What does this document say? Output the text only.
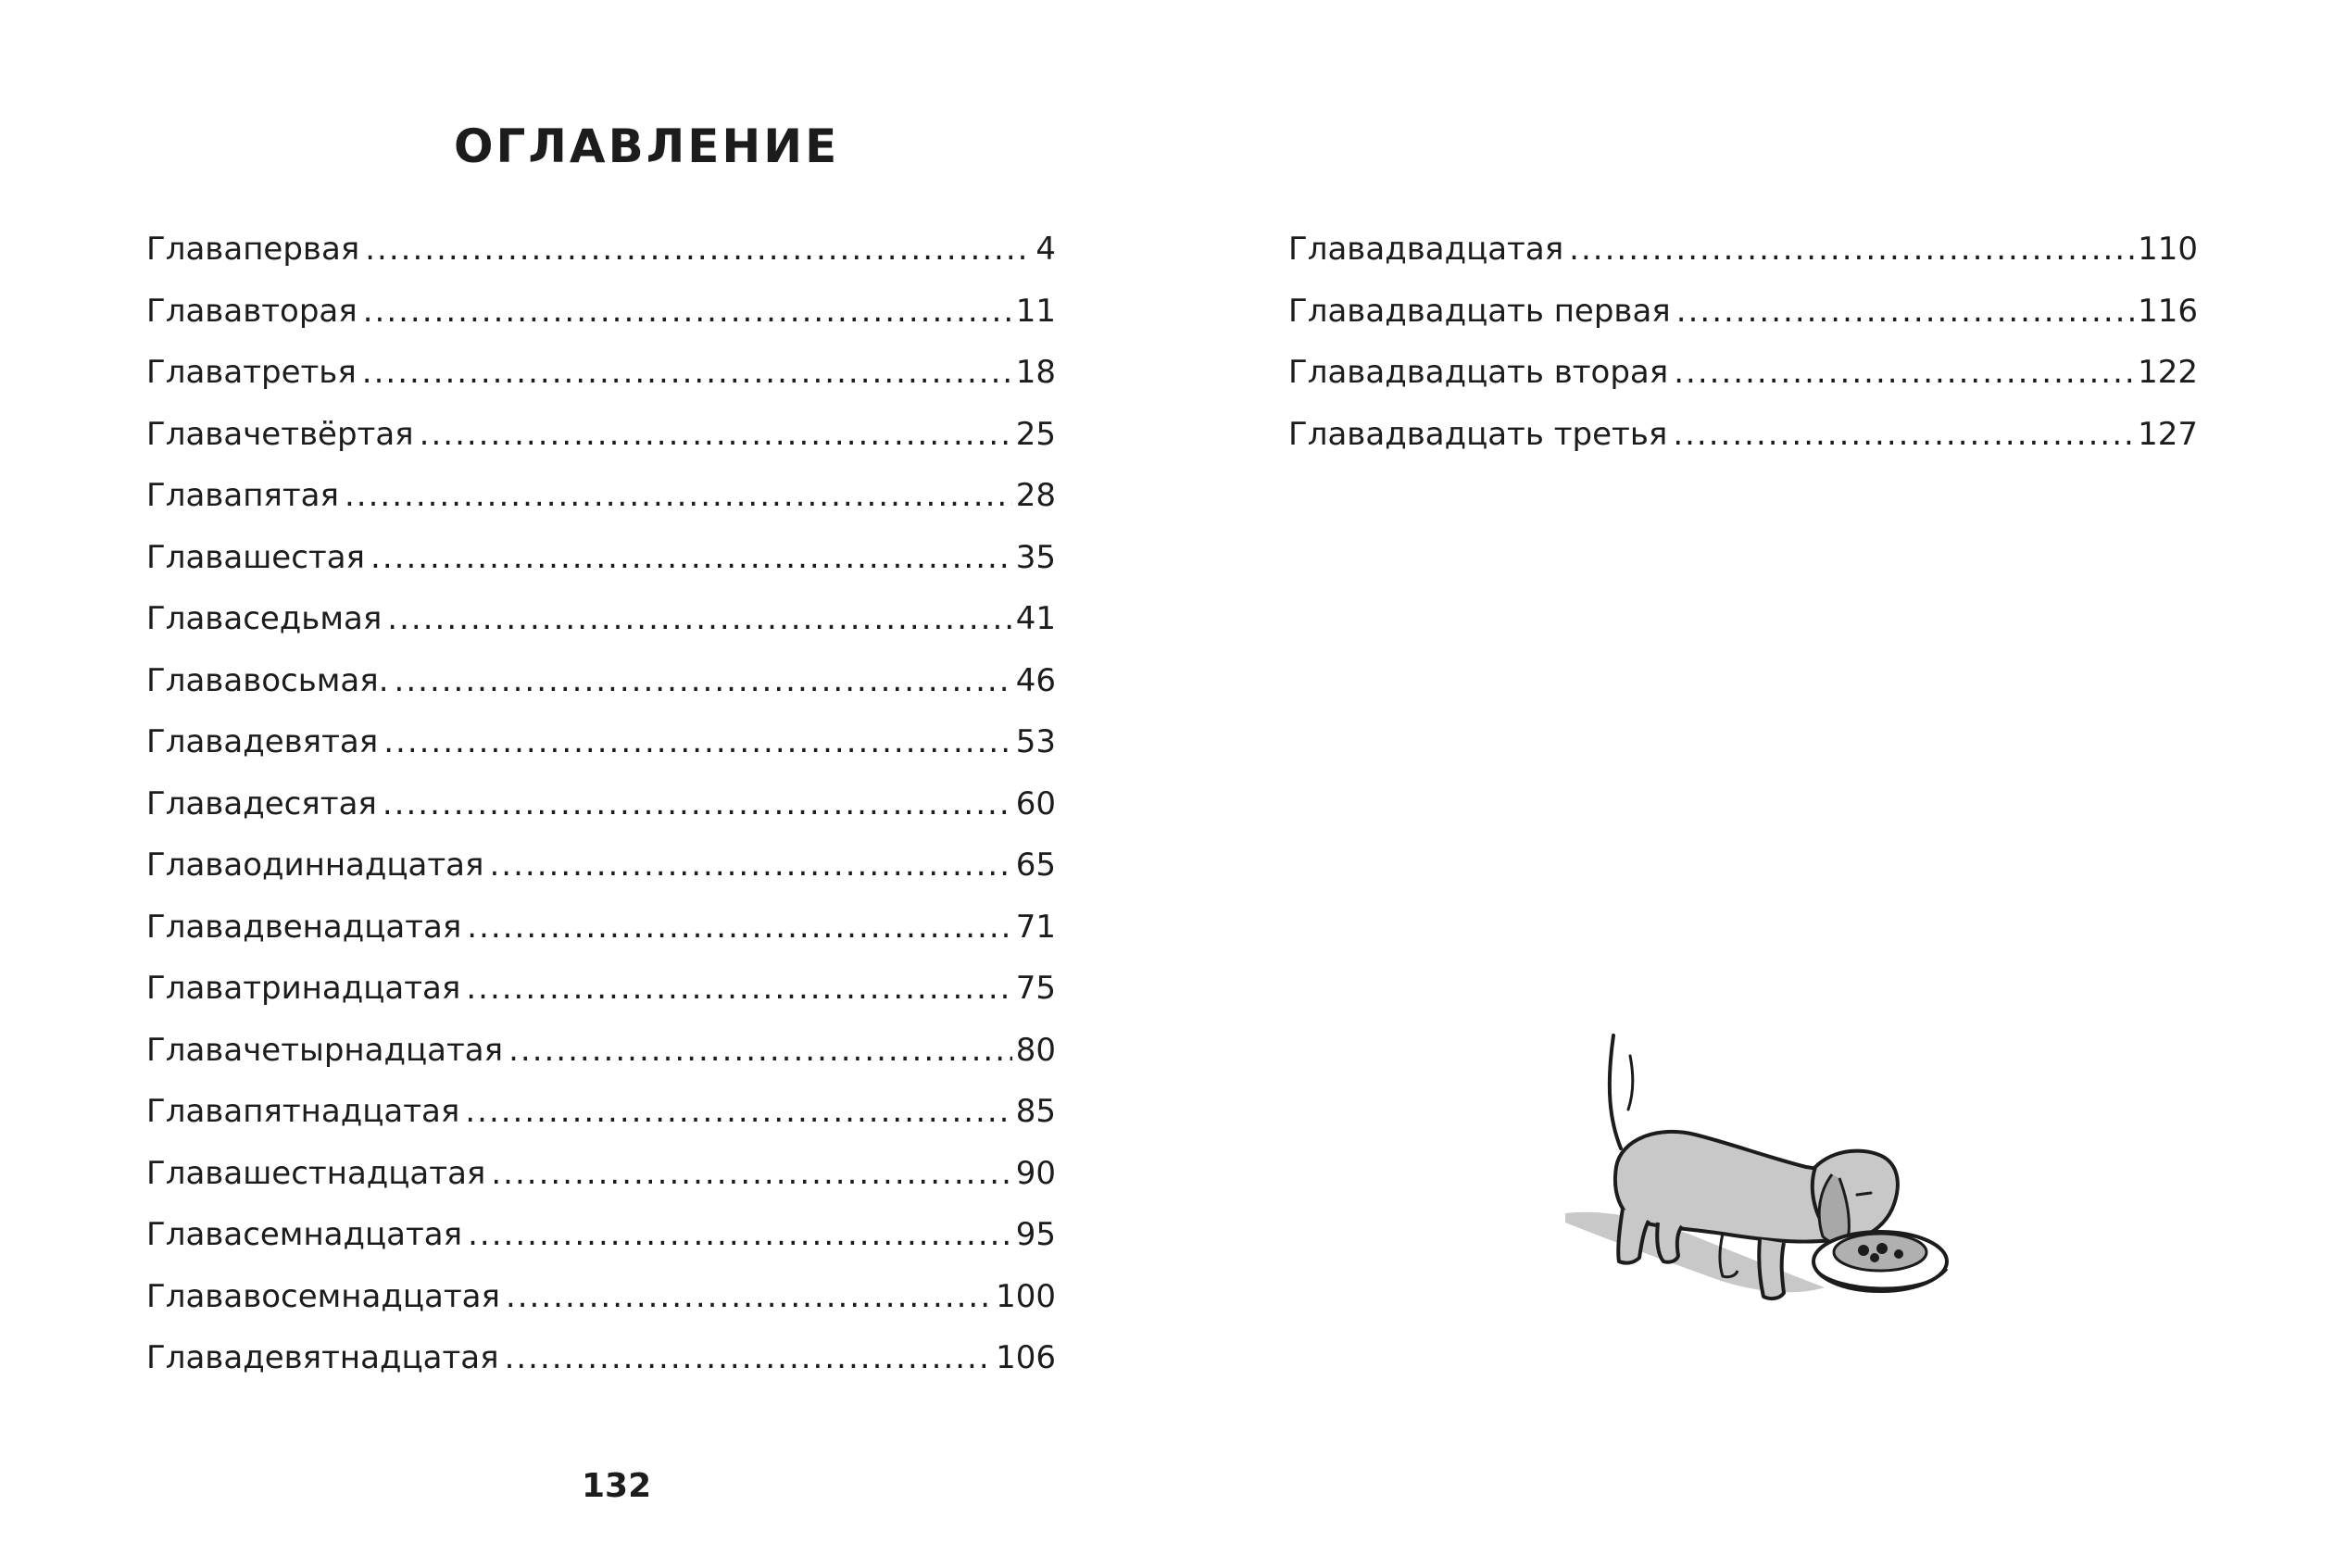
ОГЛАВЛЕНИЕ
Глава первая .....	4
Глава вторая .....	11
Глава третья .....	18
Глава четвёртая .....	25
Глава пятая .....	28
Глава шестая .....	35
Глава седьмая .....	41
Глава восьмая. .....	46
Глава девятая .....	53
Глава десятая .....	60
Глава одиннадцатая .....	65
Глава двенадцатая .....	71
Глава тринадцатая .....	75
Глава четырнадцатая .....	80
Глава пятнадцатая .....	85
Глава шестнадцатая .....	90
Глава семнадцатая .....	95
Глава восемнадцатая .....	100
Глава девятнадцатая .....	106
Глава двадцатая .....	110
Глава двадцать первая .....	116
Глава двадцать вторая .....	122
Глава двадцать третья .....	127
132
